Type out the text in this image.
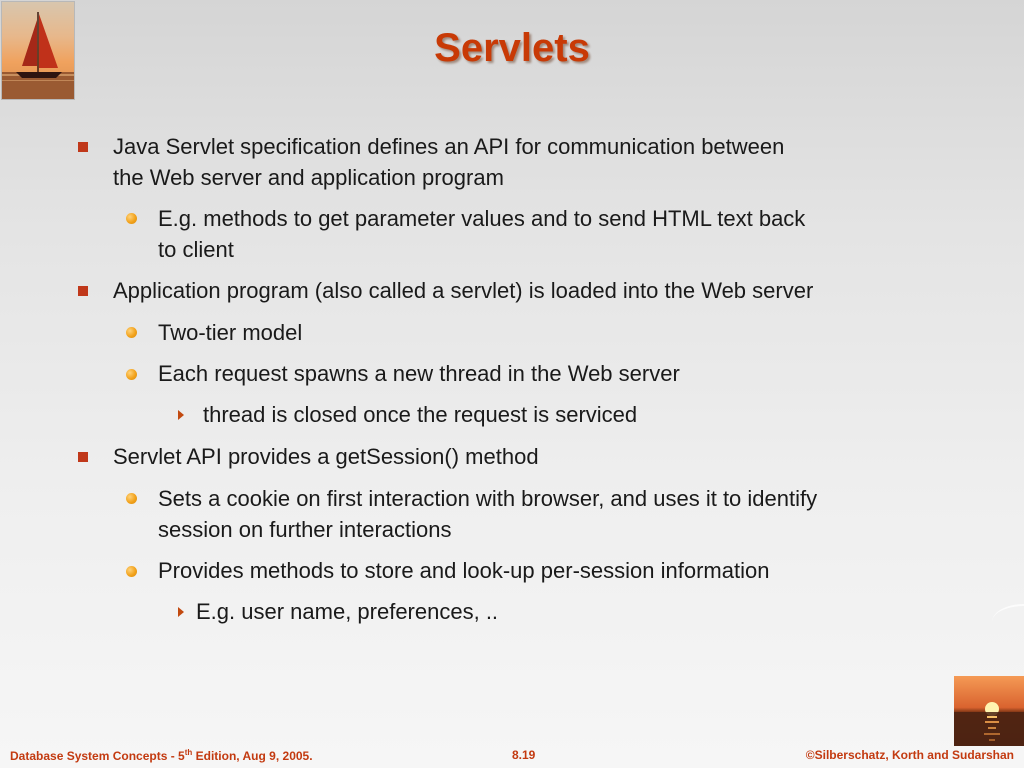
Servlets
Java Servlet specification defines an API for communication between
the Web server and application program
E.g. methods to get parameter values and to send HTML text back
to client
Application program (also called a servlet) is loaded into the Web server
Two-tier model
Each request spawns a new thread in the Web server
thread is closed once the request is serviced
Servlet API provides a getSession() method
Sets a cookie on first interaction with browser, and uses it to identify
session on further interactions
Provides methods to store and look-up per-session information
E.g. user name, preferences, ..
Database System Concepts - 5th Edition, Aug 9, 2005.	8.19	©Silberschatz, Korth and Sudarshan
